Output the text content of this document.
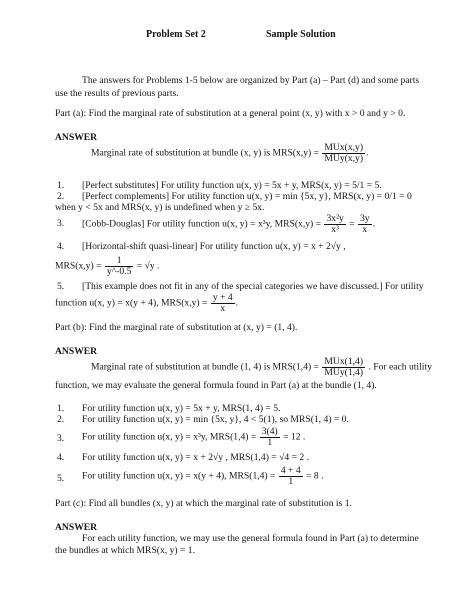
Problem Set 2	Sample Solution
The answers for Problems 1-5 below are organized by Part (a) – Part (d) and some parts
use the results of previous parts.
Part (a): Find the marginal rate of substitution at a general point (x, y) with x > 0 and y > 0.
ANSWER
Marginal rate of substitution at bundle (x, y) is $MRS(x,y) = \frac{\text{MUx(x,y)}}{\text{MUy(x,y)}}$ .
1. [Perfect substitutes] For utility function u(x, y) = 5x + y, MRS(x, y) = 5/1 = 5.
2. [Perfect complements] For utility function u(x, y) = min {5x, y}, MRS(x, y) = 0/1 = 0
when y < 5x and MRS(x, y) is undefined when y ≥ 5x.
3. [Cobb-Douglas] For utility function u(x, y) = x³y, $MRS(x,y) = \frac{\text{3x²y}}{\text{x³}} = \frac{3y}{x}$ .
4. [Horizontal-shift quasi-linear] For utility function u(x, y) = x + 2√y ,
$MRS(x,y) = \frac{1}{y\^{}-0.5} = √y$ .
5. [This example does not fit in any of the special categories we have discussed.] For utility
function u(x, y) = x(y + 4), $MRS(x,y) = \frac{y + 4}{x}$ .
Part (b): Find the marginal rate of substitution at (x, y) = (1, 4).
ANSWER
Marginal rate of substitution at bundle (1, 4) is $MRS(1,4) = \frac{\text{MUx(1,4)}}{\text{MUy(1,4)}}$ . For each utility
function, we may evaluate the general formula found in Part (a) at the bundle (1, 4).
1. For utility function u(x, y) = 5x + y, MRS(1, 4) = 5.
2. For utility function u(x, y) = min {5x, y}, 4 < 5(1), so MRS(1, 4) = 0.
3. For utility function u(x, y) = x³y, $MRS(1,4) = \frac{3(4)}{1} = 12$ .
4. For utility function u(x, y) = x + 2√y , MRS(1,4) = √4 = 2 .
5. For utility function u(x, y) = x(y + 4), $MRS(1,4) = \frac{4 + 4}{1} = 8$ .
Part (c): Find all bundles (x, y) at which the marginal rate of substitution is 1.
ANSWER
For each utility function, we may use the general formula found in Part (a) to determine
the bundles at which MRS(x, y) = 1.
